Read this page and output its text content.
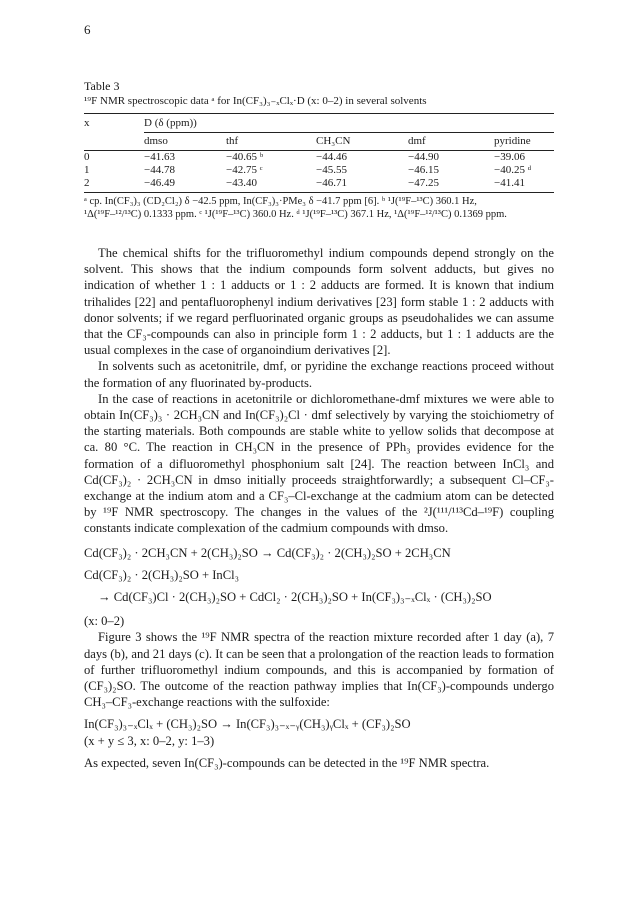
6
Table 3
¹⁹F NMR spectroscopic data ᵃ for In(CF₃)₃₋ₓClₓ·D (x: 0–2) in several solvents
x	D (δ (ppm))
dmso	thf	CH₃CN	dmf	pyridine
0	−41.63	−40.65 ᵇ	−44.46	−44.90	−39.06
1	−44.78	−42.75 ᶜ	−45.55	−46.15	−40.25 ᵈ
2	−46.49	−43.40	−46.71	−47.25	−41.41
ᵃ cp. In(CF₃)₃ (CD₂Cl₂) δ −42.5 ppm, In(CF₃)₃·PMe₃ δ −41.7 ppm [6]. ᵇ ¹J(¹⁹F–¹³C) 360.1 Hz,
¹Δ(¹⁹F–¹²/¹³C) 0.1333 ppm. ᶜ ¹J(¹⁹F–¹³C) 360.0 Hz. ᵈ ¹J(¹⁹F–¹³C) 367.1 Hz, ¹Δ(¹⁹F–¹²/¹³C) 0.1369 ppm.

The chemical shifts for the trifluoromethyl indium compounds depend strongly on the solvent. This shows that the indium compounds form solvent adducts, but gives no indication of whether 1 : 1 adducts or 1 : 2 adducts are formed. It is known that indium trihalides [22] and pentafluorophenyl indium derivatives [23] form stable 1 : 2 adducts with donor solvents; if we regard perfluorinated organic groups as pseudohalides we can assume that the CF₃-compounds can also in principle form 1 : 2 adducts, but 1 : 1 adducts are the usual complexes in the case of organoindium derivatives [2].

In solvents such as acetonitrile, dmf, or pyridine the exchange reactions proceed without the formation of any fluorinated by-products.

In the case of reactions in acetonitrile or dichloromethane-dmf mixtures we were able to obtain In(CF₃)₃ · 2CH₃CN and In(CF₃)₂Cl · dmf selectively by varying the stoichiometry of the starting materials. Both compounds are stable white to yellow solids that decompose at ca. 80 °C. The reaction in CH₃CN in the presence of PPh₃ provides evidence for the formation of a difluoromethyl phosphonium salt [24]. The reaction between InCl₃ and Cd(CF₃)₂ · 2CH₃CN in dmso initially proceeds straightforwardly; a subsequent Cl–CF₃-exchange at the indium atom and a CF₃–Cl-exchange at the cadmium atom can be detected by ¹⁹F NMR spectroscopy. The changes in the values of the ²J(¹¹¹/¹¹³Cd–¹⁹F) coupling constants indicate complexation of the cadmium compounds with dmso.

Cd(CF₃)₂ · 2CH₃CN + 2(CH₃)₂SO → Cd(CF₃)₂ · 2(CH₃)₂SO + 2CH₃CN
Cd(CF₃)₂ · 2(CH₃)₂SO + InCl₃
→ Cd(CF₃)Cl · 2(CH₃)₂SO + CdCl₂ · 2(CH₃)₂SO + In(CF₃)₃₋ₓClₓ · (CH₃)₂SO
(x: 0–2)

Figure 3 shows the ¹⁹F NMR spectra of the reaction mixture recorded after 1 day (a), 7 days (b), and 21 days (c). It can be seen that a prolongation of the reaction leads to formation of further trifluoromethyl indium compounds, and this is accompanied by formation of (CF₃)₂SO. The outcome of the reaction pathway implies that In(CF₃)-compounds undergo CH₃–CF₃-exchange reactions with the sulfoxide:

In(CF₃)₃₋ₓClₓ + (CH₃)₂SO → In(CF₃)₃₋ₓ₋ᵧ(CH₃)ᵧClₓ + (CF₃)₂SO
(x + y ≤ 3, x: 0–2, y: 1–3)
As expected, seven In(CF₃)-compounds can be detected in the ¹⁹F NMR spectra.
